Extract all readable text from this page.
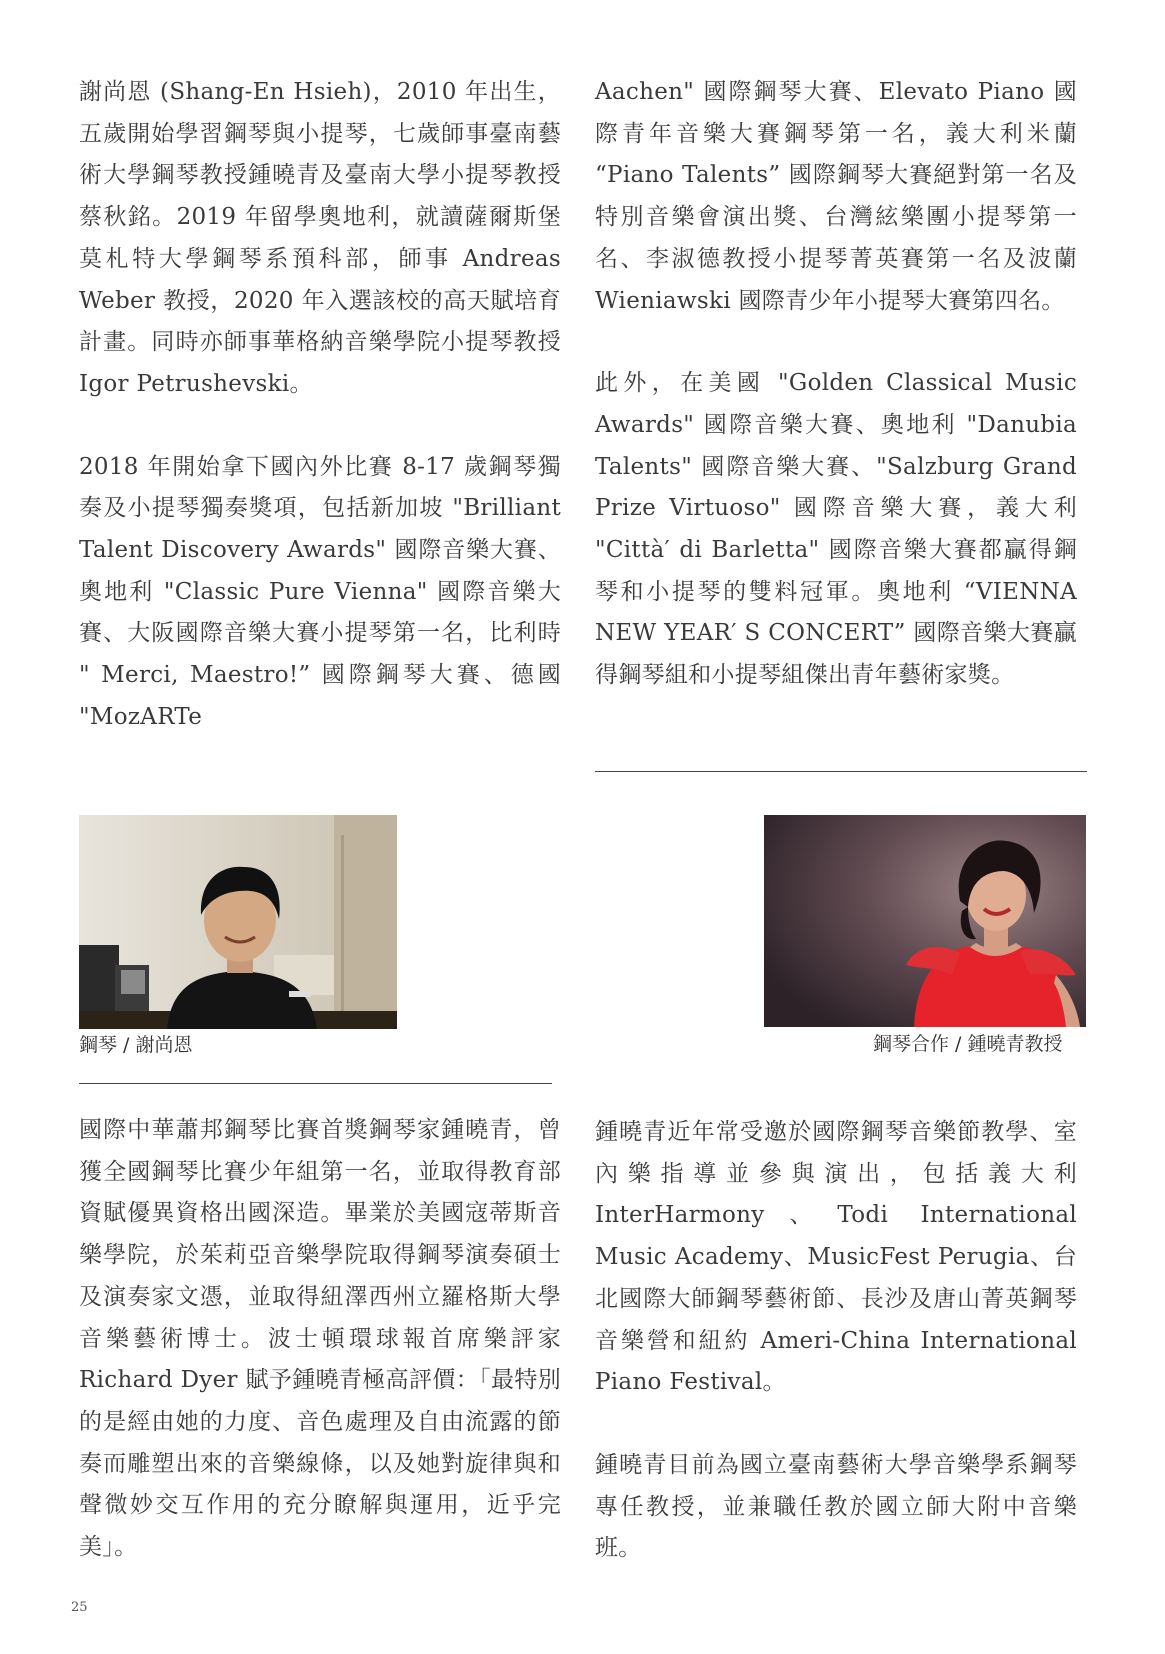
謝尚恩 (Shang-En Hsieh)，2010 年出生，五歲開始學習鋼琴與小提琴，七歲師事臺南藝術大學鋼琴教授鍾曉青及臺南大學小提琴教授蔡秋銘。2019 年留學奧地利，就讀薩爾斯堡莫札特大學鋼琴系預科部，師事 Andreas Weber 教授，2020 年入選該校的高天賦培育計畫。同時亦師事華格納音樂學院小提琴教授 Igor Petrushevski。

2018 年開始拿下國內外比賽 8-17 歲鋼琴獨奏及小提琴獨奏獎項，包括新加坡 "Brilliant Talent Discovery Awards" 國際音樂大賽、奧地利 "Classic Pure Vienna" 國際音樂大賽、大阪國際音樂大賽小提琴第一名，比利時 " Merci, Maestro!” 國際鋼琴大賽、德國 "MozARTe

Aachen" 國際鋼琴大賽、Elevato Piano 國際青年音樂大賽鋼琴第一名，義大利米蘭 “Piano Talents” 國際鋼琴大賽絕對第一名及特別音樂會演出獎、台灣絃樂團小提琴第一名、李淑德教授小提琴菁英賽第一名及波蘭 Wieniawski 國際青少年小提琴大賽第四名。

此外，在美國 "Golden Classical Music Awards" 國際音樂大賽、奧地利 "Danubia Talents" 國際音樂大賽、"Salzburg Grand Prize Virtuoso" 國際音樂大賽，義大利 "Città′ di Barletta" 國際音樂大賽都贏得鋼琴和小提琴的雙料冠軍。奧地利 “VIENNA NEW YEAR′ S CONCERT” 國際音樂大賽贏得鋼琴組和小提琴組傑出青年藝術家獎。

鋼琴 / 謝尚恩	鋼琴合作 / 鍾曉青教授

國際中華蕭邦鋼琴比賽首獎鋼琴家鍾曉青，曾獲全國鋼琴比賽少年組第一名，並取得教育部資賦優異資格出國深造。畢業於美國寇蒂斯音樂學院，於茱莉亞音樂學院取得鋼琴演奏碩士及演奏家文憑，並取得紐澤西州立羅格斯大學音樂藝術博士。波士頓環球報首席樂評家 Richard Dyer 賦予鍾曉青極高評價：「最特別的是經由她的力度、音色處理及自由流露的節奏而雕塑出來的音樂線條，以及她對旋律與和聲微妙交互作用的充分瞭解與運用，近乎完美」。

鍾曉青近年常受邀於國際鋼琴音樂節教學、室內樂指導並參與演出，包括義大利 InterHarmony、Todi International Music Academy、MusicFest Perugia、台北國際大師鋼琴藝術節、長沙及唐山菁英鋼琴音樂營和紐約 Ameri-China International Piano Festival。

鍾曉青目前為國立臺南藝術大學音樂學系鋼琴專任教授，並兼職任教於國立師大附中音樂班。

25
